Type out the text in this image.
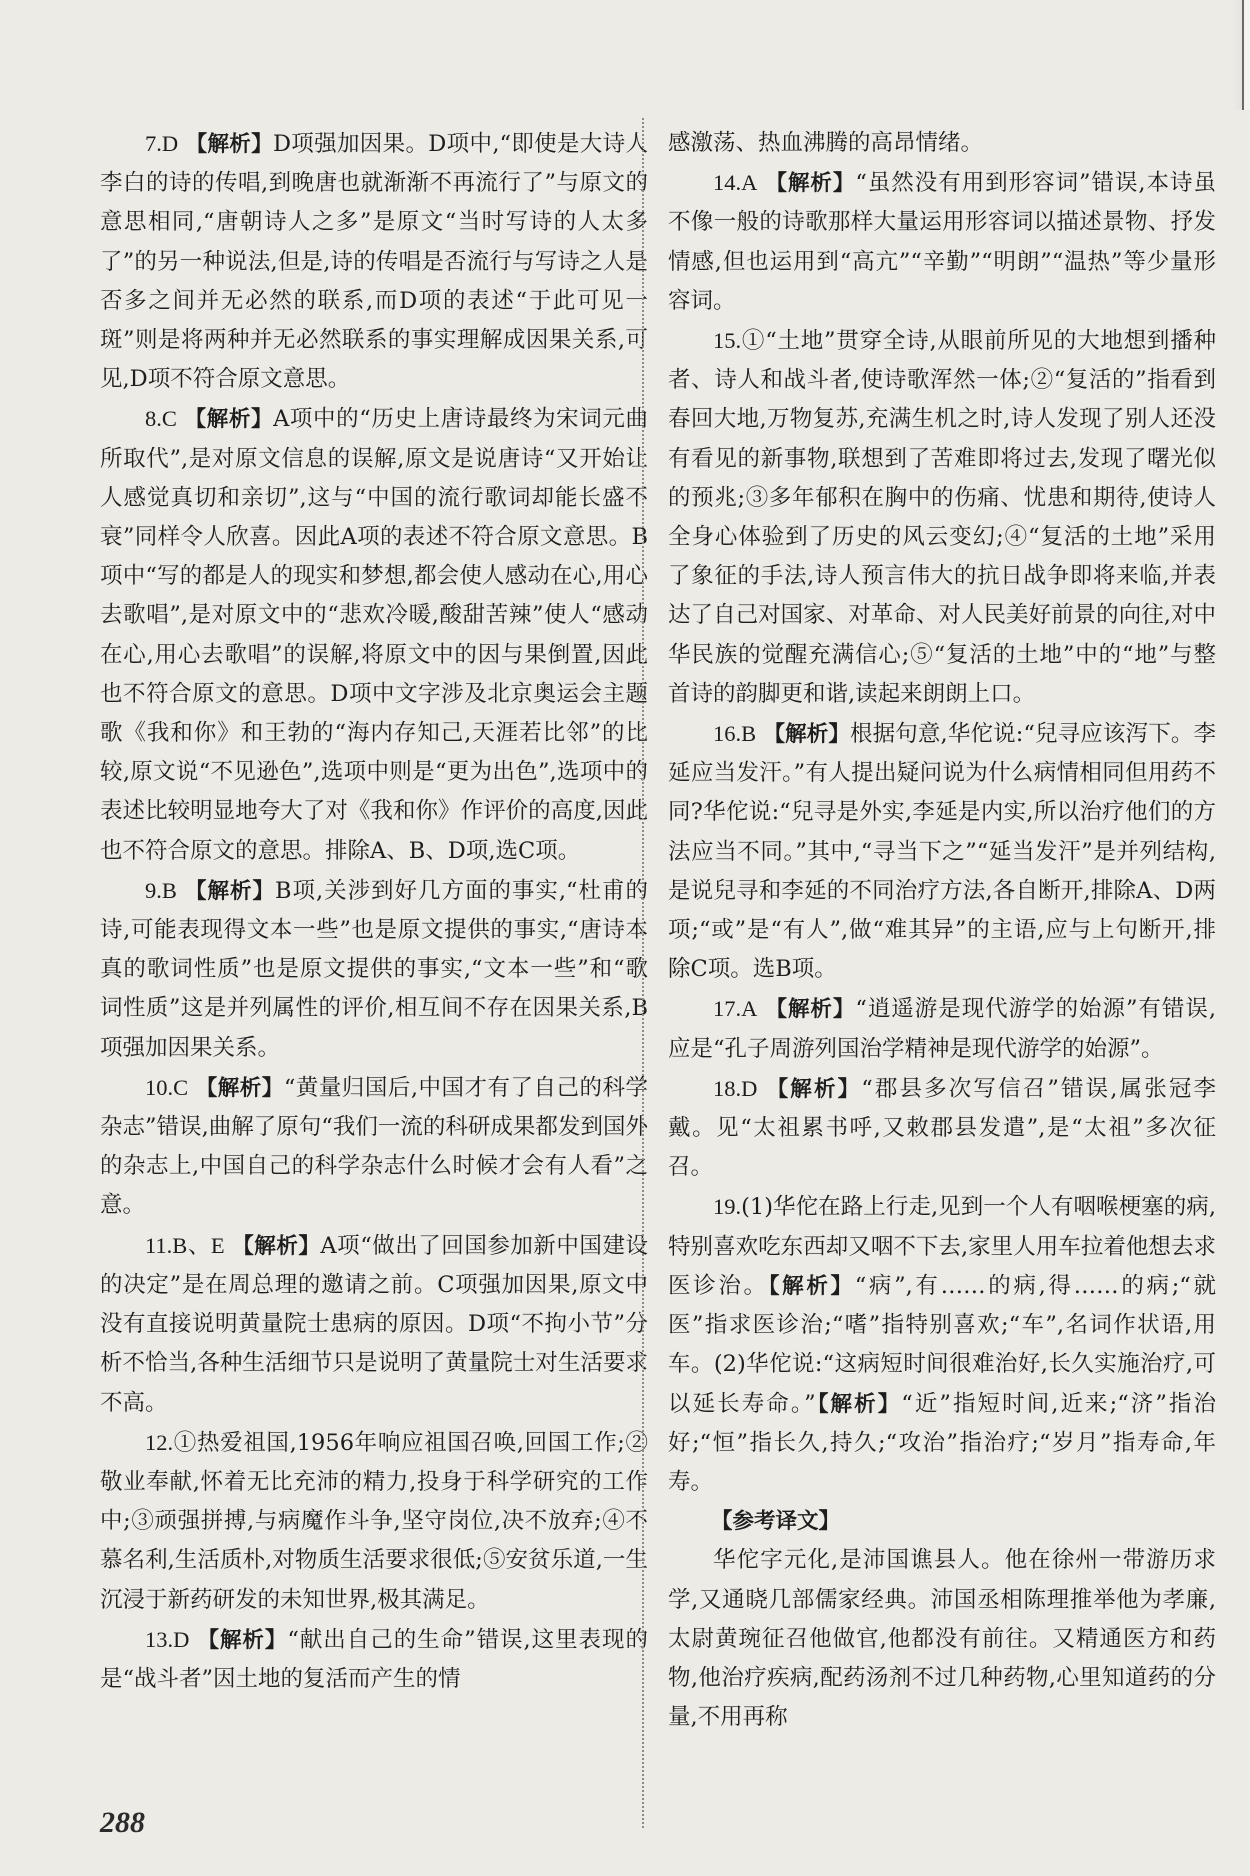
7.D 【解析】D项强加因果。D项中,“即使是大诗人李白的诗的传唱,到晚唐也就渐渐不再流行了”与原文的意思相同,“唐朝诗人之多”是原文“当时写诗的人太多了”的另一种说法,但是,诗的传唱是否流行与写诗之人是否多之间并无必然的联系,而D项的表述“于此可见一斑”则是将两种并无必然联系的事实理解成因果关系,可见,D项不符合原文意思。

8.C 【解析】A项中的“历史上唐诗最终为宋词元曲所取代”,是对原文信息的误解,原文是说唐诗“又开始让人感觉真切和亲切”,这与“中国的流行歌词却能长盛不衰”同样令人欣喜。因此A项的表述不符合原文意思。B项中“写的都是人的现实和梦想,都会使人感动在心,用心去歌唱”,是对原文中的“悲欢冷暖,酸甜苦辣”使人“感动在心,用心去歌唱”的误解,将原文中的因与果倒置,因此也不符合原文的意思。D项中文字涉及北京奥运会主题歌《我和你》和王勃的“海内存知己,天涯若比邻”的比较,原文说“不见逊色”,选项中则是“更为出色”,选项中的表述比较明显地夸大了对《我和你》作评价的高度,因此也不符合原文的意思。排除A、B、D项,选C项。

9.B 【解析】B项,关涉到好几方面的事实,“杜甫的诗,可能表现得文本一些”也是原文提供的事实,“唐诗本真的歌词性质”也是原文提供的事实,“文本一些”和“歌词性质”这是并列属性的评价,相互间不存在因果关系,B项强加因果关系。

10.C 【解析】“黄量归国后,中国才有了自己的科学杂志”错误,曲解了原句“我们一流的科研成果都发到国外的杂志上,中国自己的科学杂志什么时候才会有人看”之意。

11.B、E 【解析】A项“做出了回国参加新中国建设的决定”是在周总理的邀请之前。C项强加因果,原文中没有直接说明黄量院士患病的原因。D项“不拘小节”分析不恰当,各种生活细节只是说明了黄量院士对生活要求不高。

12.①热爱祖国,1956年响应祖国召唤,回国工作;②敬业奉献,怀着无比充沛的精力,投身于科学研究的工作中;③顽强拼搏,与病魔作斗争,坚守岗位,决不放弃;④不慕名利,生活质朴,对物质生活要求很低;⑤安贫乐道,一生沉浸于新药研发的未知世界,极其满足。

13.D 【解析】“献出自己的生命”错误,这里表现的是“战斗者”因土地的复活而产生的情

感激荡、热血沸腾的高昂情绪。

14.A 【解析】“虽然没有用到形容词”错误,本诗虽不像一般的诗歌那样大量运用形容词以描述景物、抒发情感,但也运用到“高亢”“辛勤”“明朗”“温热”等少量形容词。

15.①“土地”贯穿全诗,从眼前所见的大地想到播种者、诗人和战斗者,使诗歌浑然一体;②“复活的”指看到春回大地,万物复苏,充满生机之时,诗人发现了别人还没有看见的新事物,联想到了苦难即将过去,发现了曙光似的预兆;③多年郁积在胸中的伤痛、忧患和期待,使诗人全身心体验到了历史的风云变幻;④“复活的土地”采用了象征的手法,诗人预言伟大的抗日战争即将来临,并表达了自己对国家、对革命、对人民美好前景的向往,对中华民族的觉醒充满信心;⑤“复活的土地”中的“地”与整首诗的韵脚更和谐,读起来朗朗上口。

16.B 【解析】根据句意,华佗说:“兒寻应该泻下。李延应当发汗。”有人提出疑问说为什么病情相同但用药不同?华佗说:“兒寻是外实,李延是内实,所以治疗他们的方法应当不同。”其中,“寻当下之”“延当发汗”是并列结构,是说兒寻和李延的不同治疗方法,各自断开,排除A、D两项;“或”是“有人”,做“难其异”的主语,应与上句断开,排除C项。选B项。

17.A 【解析】“逍遥游是现代游学的始源”有错误,应是“孔子周游列国治学精神是现代游学的始源”。

18.D 【解析】“郡县多次写信召”错误,属张冠李戴。见“太祖累书呼,又敕郡县发遣”,是“太祖”多次征召。

19.(1)华佗在路上行走,见到一个人有咽喉梗塞的病,特别喜欢吃东西却又咽不下去,家里人用车拉着他想去求医诊治。【解析】“病”,有……的病,得……的病;“就医”指求医诊治;“嗜”指特别喜欢;“车”,名词作状语,用车。(2)华佗说:“这病短时间很难治好,长久实施治疗,可以延长寿命。”【解析】“近”指短时间,近来;“济”指治好;“恒”指长久,持久;“攻治”指治疗;“岁月”指寿命,年寿。

【参考译文】

华佗字元化,是沛国谯县人。他在徐州一带游历求学,又通晓几部儒家经典。沛国丞相陈理推举他为孝廉,太尉黄琬征召他做官,他都没有前往。又精通医方和药物,他治疗疾病,配药汤剂不过几种药物,心里知道药的分量,不用再称

288
